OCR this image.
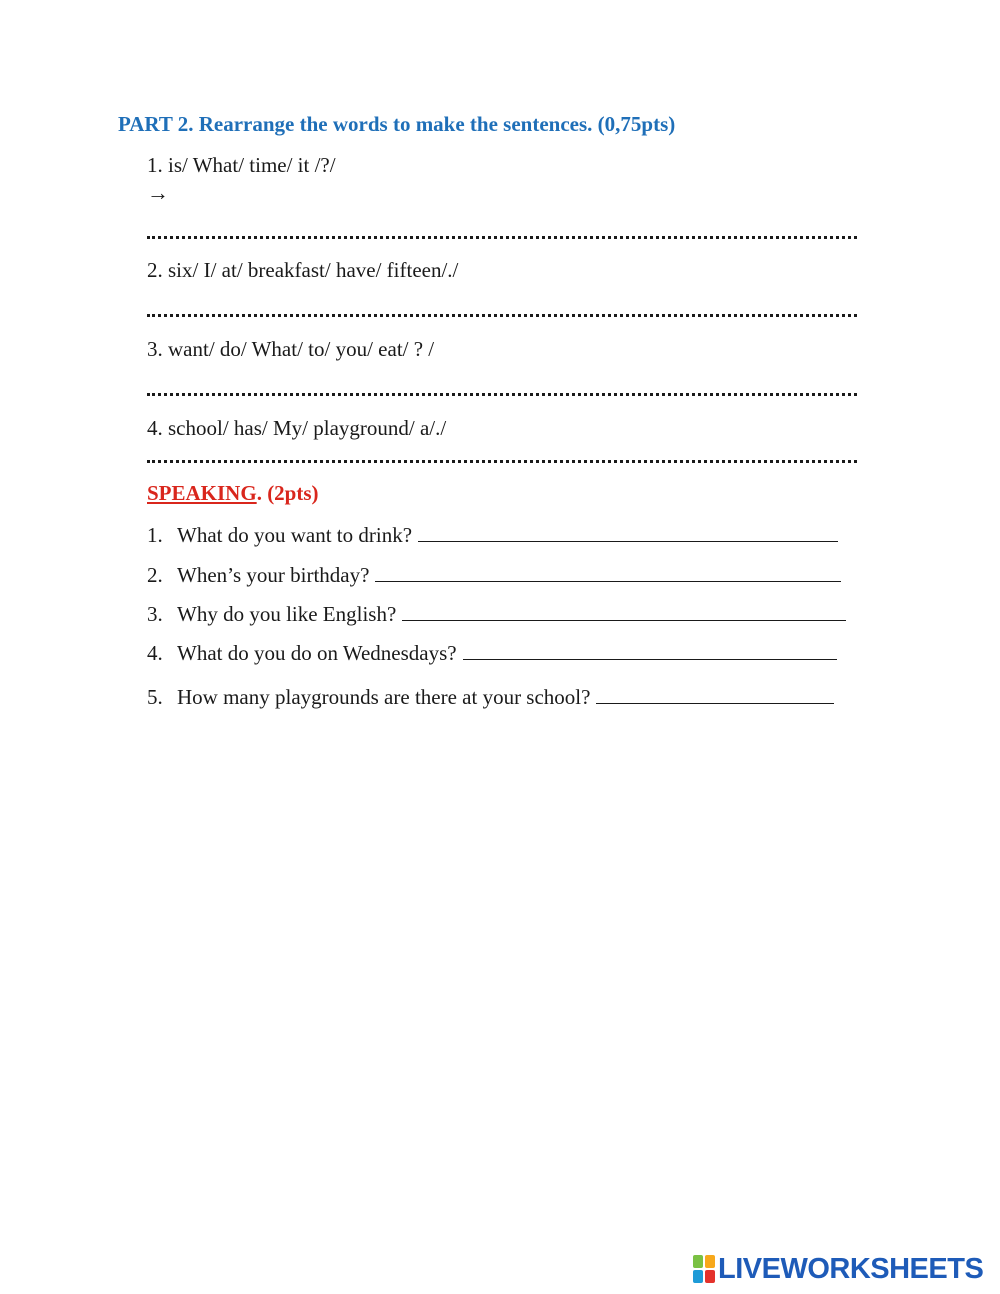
PART 2. Rearrange the words to make the sentences. (0,75pts)
1. is/ What/ time/ it /?/
→
2. six/ I/ at/ breakfast/ have/ fifteen/./
3. want/ do/ What/ to/ you/ eat/ ? /
4. school/ has/ My/ playground/ a/./
SPEAKING. (2pts)
1. What do you want to drink?
2. When’s your birthday?
3. Why do you like English?
4. What do you do on Wednesdays?
5. How many playgrounds are there at your school?
LIVEWORKSHEETS
